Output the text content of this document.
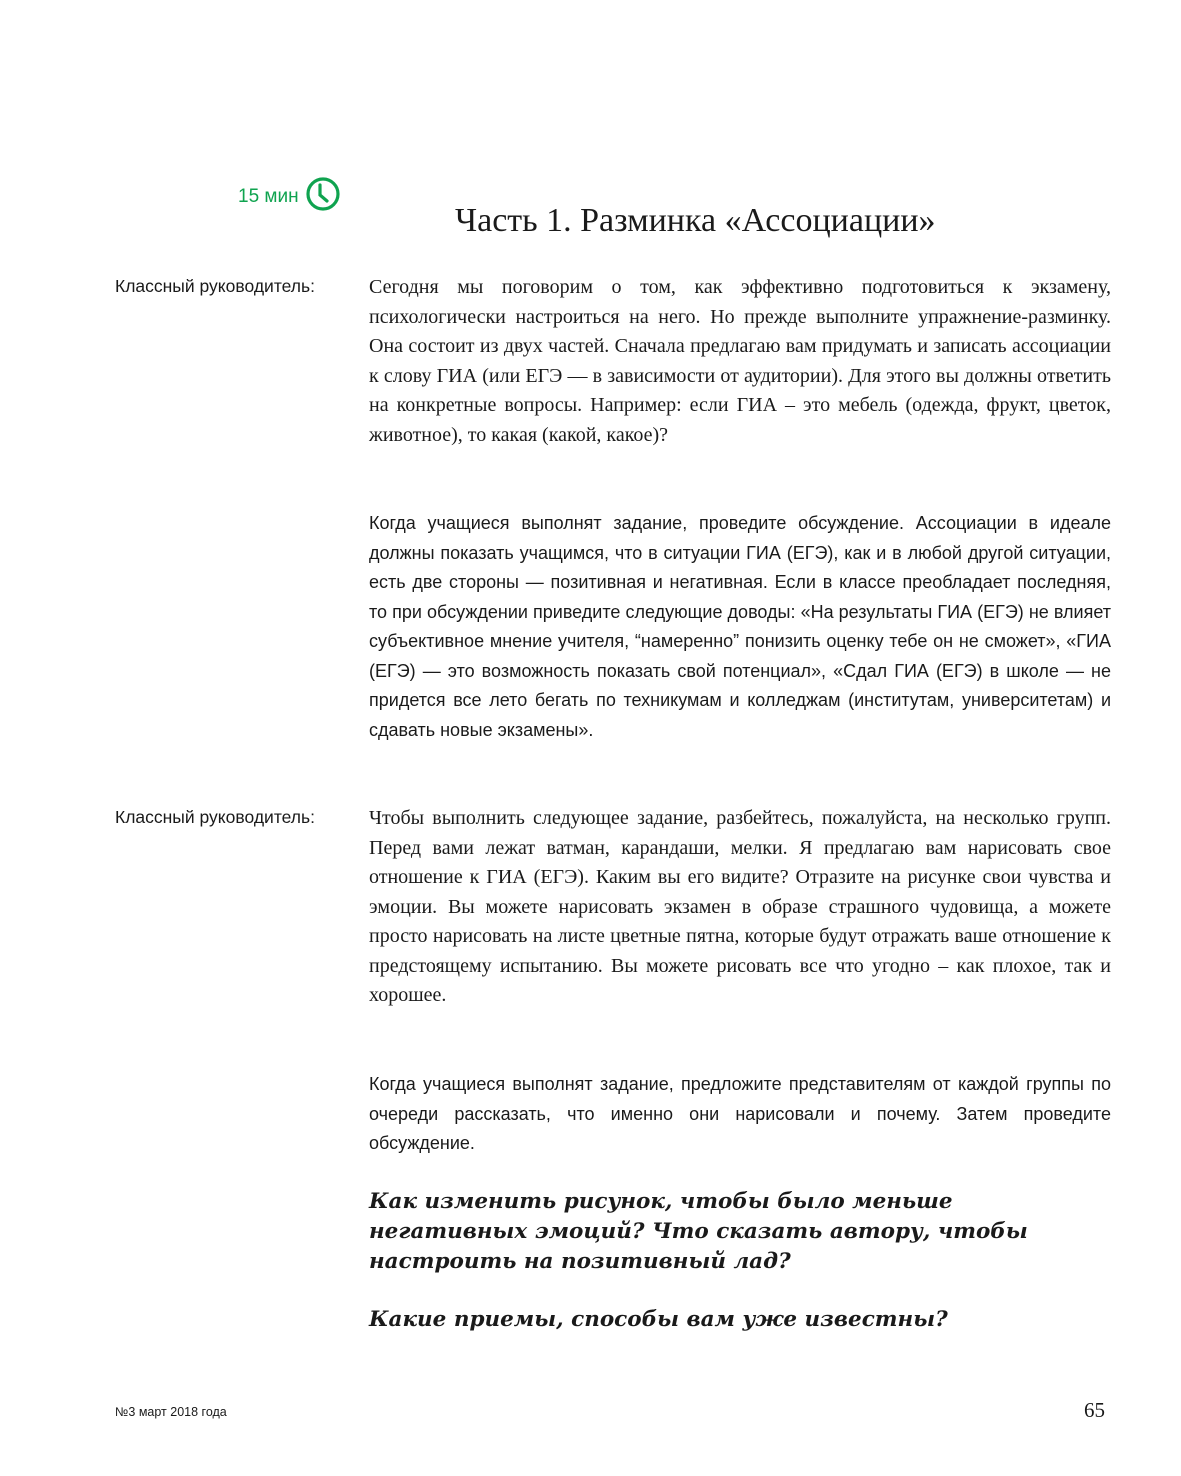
15 мин
Часть 1. Разминка «Ассоциации»
Классный руководитель:	Сегодня мы поговорим о том, как эффективно подготовиться к экзамену, психологически настроиться на него. Но прежде выполните упражнение-разминку. Она состоит из двух частей. Сначала предлагаю вам придумать и записать ассоциации к слову ГИА (или ЕГЭ — в зависимости от аудитории). Для этого вы должны ответить на конкретные вопросы. Например: если ГИА – это мебель (одежда, фрукт, цветок, животное), то какая (какой, какое)?

Когда учащиеся выполнят задание, проведите обсуждение. Ассоциации в идеале должны показать учащимся, что в ситуации ГИА (ЕГЭ), как и в любой другой ситуации, есть две стороны — позитивная и негативная. Если в классе преобладает последняя, то при обсуждении приведите следующие доводы: «На результаты ГИА (ЕГЭ) не влияет субъективное мнение учителя, “намеренно” понизить оценку тебе он не сможет», «ГИА (ЕГЭ) — это возможность показать свой потенциал», «Сдал ГИА (ЕГЭ) в школе — не придется все лето бегать по техникумам и колледжам (институтам, университетам) и сдавать новые экзамены».

Классный руководитель:	Чтобы выполнить следующее задание, разбейтесь, пожалуйста, на несколько групп. Перед вами лежат ватман, карандаши, мелки. Я предлагаю вам нарисовать свое отношение к ГИА (ЕГЭ). Каким вы его видите? Отразите на рисунке свои чувства и эмоции. Вы можете нарисовать экзамен в образе страшного чудовища, а можете просто нарисовать на листе цветные пятна, которые будут отражать ваше отношение к предстоящему испытанию. Вы можете рисовать все что угодно – как плохое, так и хорошее.

Когда учащиеся выполнят задание, предложите представителям от каждой группы по очереди рассказать, что именно они нарисовали и почему. Затем проведите обсуждение.

Как изменить рисунок, чтобы было меньше негативных эмоций? Что сказать автору, чтобы настроить на позитивный лад?

Какие приемы, способы вам уже известны?

№3 март 2018 года	65
